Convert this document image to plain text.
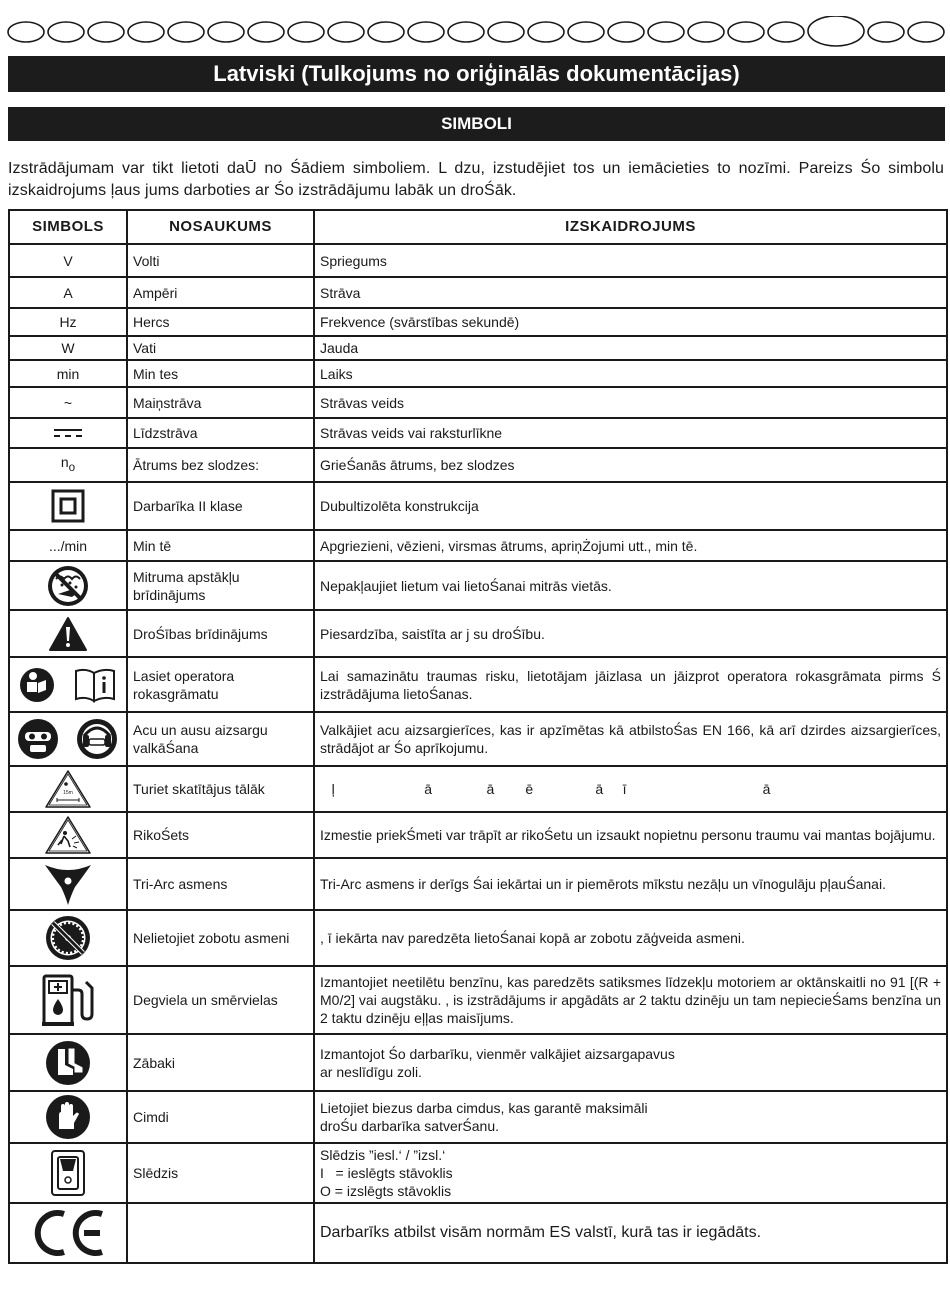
Latviski (Tulkojums no oriģinālās dokumentācijas)
SIMBOLI
Izstrādājumam var tikt lietoti daŪ no Śādiem simboliem. L dzu, izstudējiet tos un iemācieties to nozīmi. Pareizs Śo simbolu izskaidrojums ļaus jums darboties ar Śo izstrādājumu labāk un droŚāk.
SIMBOLS	NOSAUKUMS	IZSKAIDROJUMS
V	Volti	Spriegums
A	Ampēri	Strāva
Hz	Hercs	Frekvence (svārstības sekundē)
W	Vati	Jauda
min	Min tes	Laiks
~	Maiņstrāva	Strāvas veids

	Līdzstrāva	Strāvas veids vai raksturlīkne
$n_o$	Ātrums bez slodzes:	GrieŚanās ātrums, bez slodzes

	Darbarīka II klase	Dubultizolēta konstrukcija
.../min	Min tē	Apgriezieni, vēzieni, virsmas ātrums, apriņŻojumi utt., min tē.

	Mitruma apstākļu brīdinājums	Nepakļaujiet lietum vai lietoŚanai mitrās vietās.

	DroŚības brīdinājums	Piesardzība, saistīta ar j su droŚību.

	Lasiet operatora rokasgrāmatu	Lai samazinātu traumas risku, lietotājam jāizlasa un jāizprot operatora rokasgrāmata pirms Ś izstrādājuma lietoŚanas.

	Acu un ausu aizsargu valkāŚana	Valkājiet acu aizsargierīces, kas ir apzīmētas kā atbilstoŚas EN 166, kā arī dzirdes aizsargierīces, strādājot ar Śo aprīkojumu.

15m	Turiet skatītājus tālāk	ļ                       ā              ā        ē                ā     ī                                   ā

	RikoŚets	Izmestie priekŚmeti var trāpīt ar rikoŚetu un izsaukt nopietnu personu traumu vai mantas bojājumu.

	Tri-Arc asmens	Tri-Arc asmens ir derīgs Śai iekārtai un ir piemērots mīkstu nezāļu un vīnogulāju pļauŚanai.

	Nelietojiet zobotu asmeni	, ī iekārta nav paredzēta lietoŚanai kopā ar zobotu zāģveida asmeni.

	Degviela un smērvielas	Izmantojiet neetilētu benzīnu, kas paredzēts satiksmes līdzekļu motoriem ar oktānskaitli no 91 [(R + M0/2] vai augstāku. , is izstrādājums ir apgādāts ar 2 taktu dzinēju un tam nepiecieŚams benzīna un 2 taktu dzinēju eļļas maisījums.

	Zābaki	Izmantojot Śo darbarīku, vienmēr valkājiet aizsargapavus
ar neslīdīgu zoli.

	Cimdi	Lietojiet biezus darba cimdus, kas garantē maksimāli
droŚu darbarīka satverŚanu.

	Slēdzis	Slēdzis ”iesl.‘ / ”izsl.‘
I   = ieslēgts stāvoklis
O = izslēgts stāvoklis

		Darbarīks atbilst visām normām ES valstī, kurā tas ir iegādāts.
